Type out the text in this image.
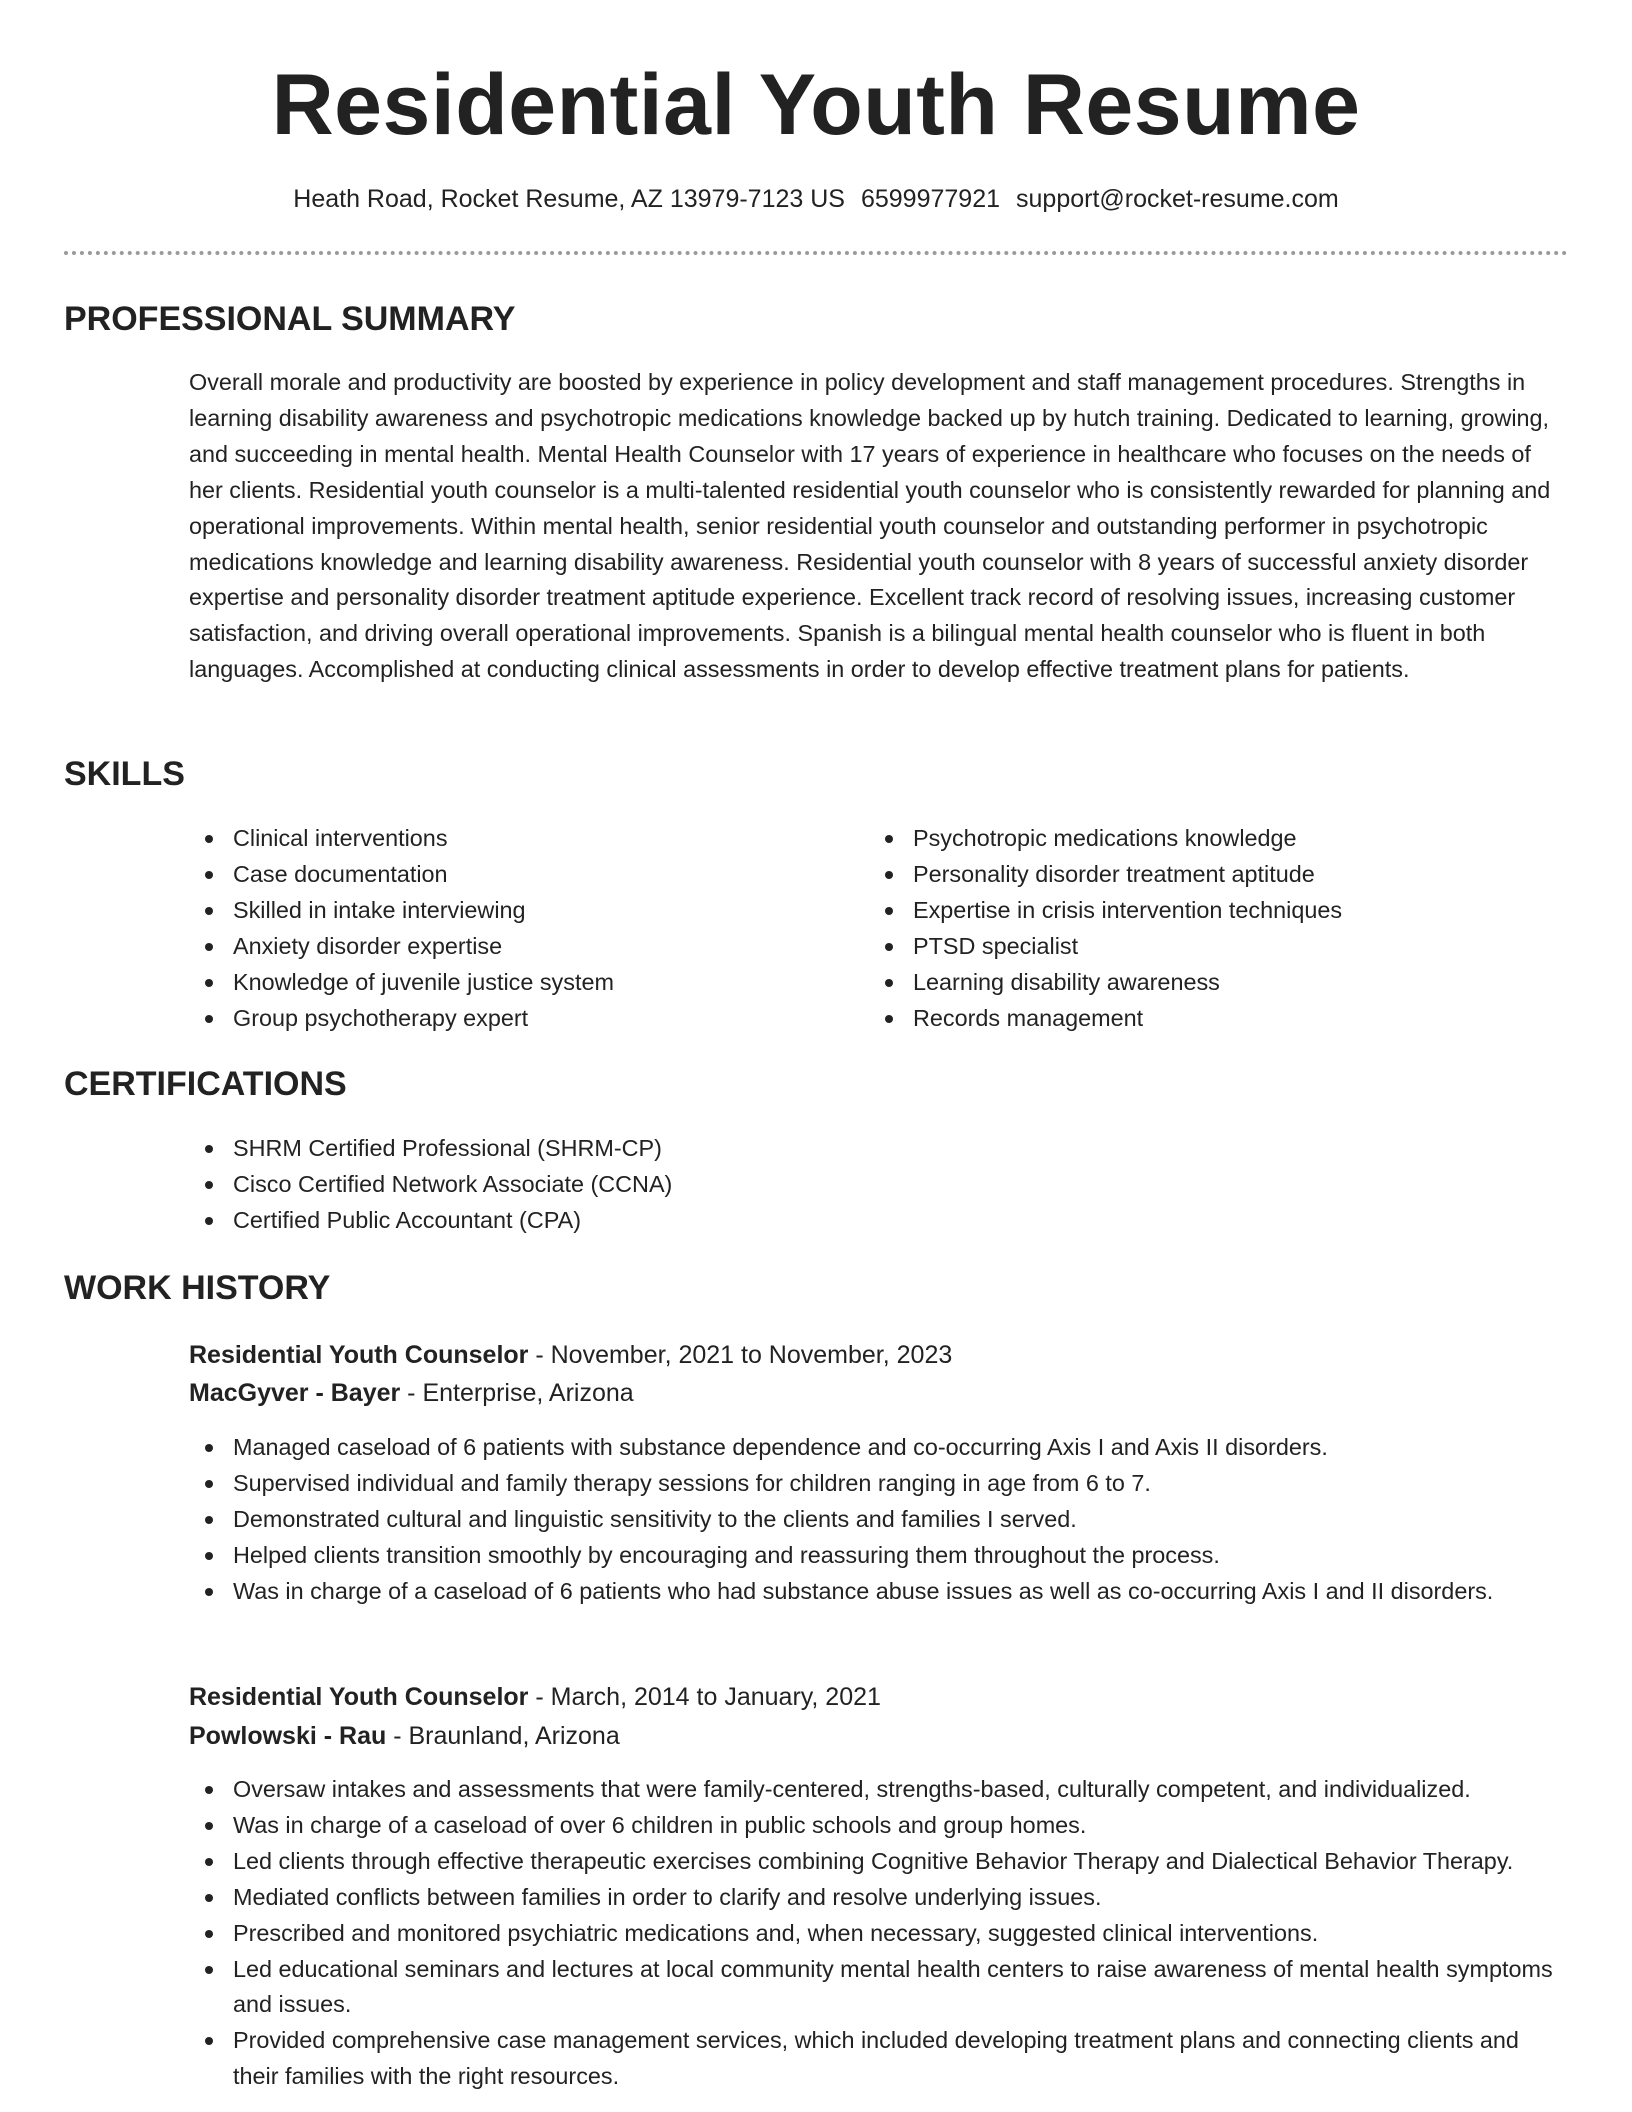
Residential Youth Resume
Heath Road, Rocket Resume, AZ 13979-7123 US 6599977921 support@rocket-resume.com
PROFESSIONAL SUMMARY

Overall morale and productivity are boosted by experience in policy development and staff management procedures. Strengths in learning disability awareness and psychotropic medications knowledge backed up by hutch training. Dedicated to learning, growing, and succeeding in mental health. Mental Health Counselor with 17 years of experience in healthcare who focuses on the needs of her clients. Residential youth counselor is a multi-talented residential youth counselor who is consistently rewarded for planning and operational improvements. Within mental health, senior residential youth counselor and outstanding performer in psychotropic medications knowledge and learning disability awareness. Residential youth counselor with 8 years of successful anxiety disorder expertise and personality disorder treatment aptitude experience. Excellent track record of resolving issues, increasing customer satisfaction, and driving overall operational improvements. Spanish is a bilingual mental health counselor who is fluent in both languages. Accomplished at conducting clinical assessments in order to develop effective treatment plans for patients.

SKILLS
Clinical interventions
Case documentation
Skilled in intake interviewing
Anxiety disorder expertise
Knowledge of juvenile justice system
Group psychotherapy expert
Psychotropic medications knowledge
Personality disorder treatment aptitude
Expertise in crisis intervention techniques
PTSD specialist
Learning disability awareness
Records management
CERTIFICATIONS
SHRM Certified Professional (SHRM-CP)
Cisco Certified Network Associate (CCNA)
Certified Public Accountant (CPA)
WORK HISTORY

Residential Youth Counselor - November, 2021 to November, 2023

MacGyver - Bayer - Enterprise, Arizona

Managed caseload of 6 patients with substance dependence and co-occurring Axis I and Axis II disorders.
Supervised individual and family therapy sessions for children ranging in age from 6 to 7.
Demonstrated cultural and linguistic sensitivity to the clients and families I served.
Helped clients transition smoothly by encouraging and reassuring them throughout the process.
Was in charge of a caseload of 6 patients who had substance abuse issues as well as co-occurring Axis I and II disorders.

Residential Youth Counselor - March, 2014 to January, 2021

Powlowski - Rau - Braunland, Arizona

Oversaw intakes and assessments that were family-centered, strengths-based, culturally competent, and individualized.
Was in charge of a caseload of over 6 children in public schools and group homes.
Led clients through effective therapeutic exercises combining Cognitive Behavior Therapy and Dialectical Behavior Therapy.
Mediated conflicts between families in order to clarify and resolve underlying issues.
Prescribed and monitored psychiatric medications and, when necessary, suggested clinical interventions.
Led educational seminars and lectures at local community mental health centers to raise awareness of mental health symptoms and issues.
Provided comprehensive case management services, which included developing treatment plans and connecting clients and their families with the right resources.
